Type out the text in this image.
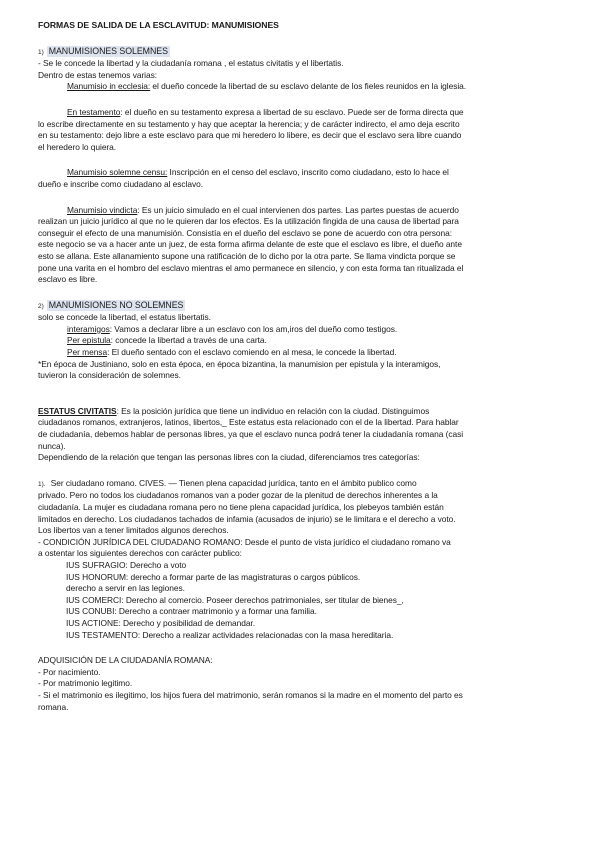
FORMAS DE SALIDA DE LA ESCLAVITUD: MANUMISIONES

1) MANUMISIONES SOLEMNES

- Se le concede la libertad y la ciudadanía romana , el estatus civitatis y el libertatis.

Dentro de estas tenemos varias:

Manumisio in ecclesia: el dueño concede la libertad de su esclavo delante de los fieles reunidos en la iglesia.

En testamento: el dueño en su testamento expresa a libertad de su esclavo. Puede ser de forma directa que

lo escribe directamente en su testamento y hay que aceptar la herencia; y de carácter indirecto, el amo deja escrito

en su testamento: dejo libre a este esclavo para que mi heredero lo libere, es decir que el esclavo sera libre cuando

el heredero lo quiera.

Manumisio solemne censu: Inscripción en el censo del esclavo, inscrito como ciudadano, esto lo hace el

dueño e inscribe como ciudadano al esclavo.

Manumisio vindicta: Es un juicio simulado en el cual intervienen dos partes. Las partes puestas de acuerdo

realizan un juicio jurídico al que no le quieren dar los efectos. Es la utilización fingida de una causa de libertad para

conseguir el efecto de una manumisión. Consistía en el dueño del esclavo se pone de acuerdo con otra persona:

este negocio se va a hacer ante un juez, de esta forma afirma delante de este que el esclavo es libre, el dueño ante

esto se allana. Este allanamiento supone una ratificación de lo dicho por la otra parte. Se llama vindicta porque se

pone una varita en el hombro del esclavo mientras el amo permanece en silencio, y con esta forma tan ritualizada el

esclavo es libre.

2) MANUMISIONES NO SOLEMNES

solo se concede la libertad, el estatus libertatis.

interamigos: Vamos a declarar libre a un esclavo con los am,iros del dueño como testigos.

Per epistula: concede la libertad a través de una carta.

Per mensa: El dueño sentado con el esclavo comiendo en al mesa, le concede la libertad.

*En época de Justiniano, solo en esta época, en época bizantina, la manumision per epistula y la interamigos,

tuvieron la consideración de solemnes.

ESTATUS CIVITATIS: Es la posición jurídica que tiene un individuo en relación con la ciudad. Distinguimos

ciudadanos romanos, extranjeros, latinos, libertos,_ Este estatus esta relacionado con el de la libertad. Para hablar

de ciudadanía, debemos hablar de personas libres, ya que el esclavo nunca podrá tener la ciudadanía romana (casi

nunca).

Dependiendo de la relación que tengan las personas libres con la ciudad, diferenciamos tres categorías:

1). Ser ciudadano romano. CIVES. — Tienen plena capacidad jurídica, tanto en el ámbito publico como

privado. Pero no todos los ciudadanos romanos van a poder gozar de la plenitud de derechos inherentes a la

ciudadanía. La mujer es ciudadana romana pero no tiene plena capacidad jurídica, los plebeyos también están

limitados en derecho. Los ciudadanos tachados de infamia (acusados de injurio) se le limitara e el derecho a voto.

Los libertos van a tener limitados algunos derechos.

- CONDICIÓN JURÍDICA DEL CIUDADANO ROMANO: Desde el punto de vista jurídico el ciudadano romano va

a ostentar los siguientes derechos con carácter publico:

IUS SUFRAGIO: Derecho a voto

IUS HONORUM: derecho a formar parte de las magistraturas o cargos públicos.

derecho a servir en las legiones.

IUS COMERCI: Derecho al comercio. Poseer derechos patrimoniales, ser titular de bienes_,

IUS CONUBI: Derecho a contraer matrimonio y a formar una familia.

IUS ACTIONE: Derecho y posibilidad de demandar.

IUS TESTAMENTO: Derecho a realizar actividades relacionadas con la masa hereditaria.

ADQUISICIÓN DE LA CIUDADANÍA ROMANA:

- Por nacimiento.

- Por matrimonio legitimo.

- Si el matrimonio es ilegitimo, los hijos fuera del matrimonio, serán romanos si la madre en el momento del parto es

romana.
